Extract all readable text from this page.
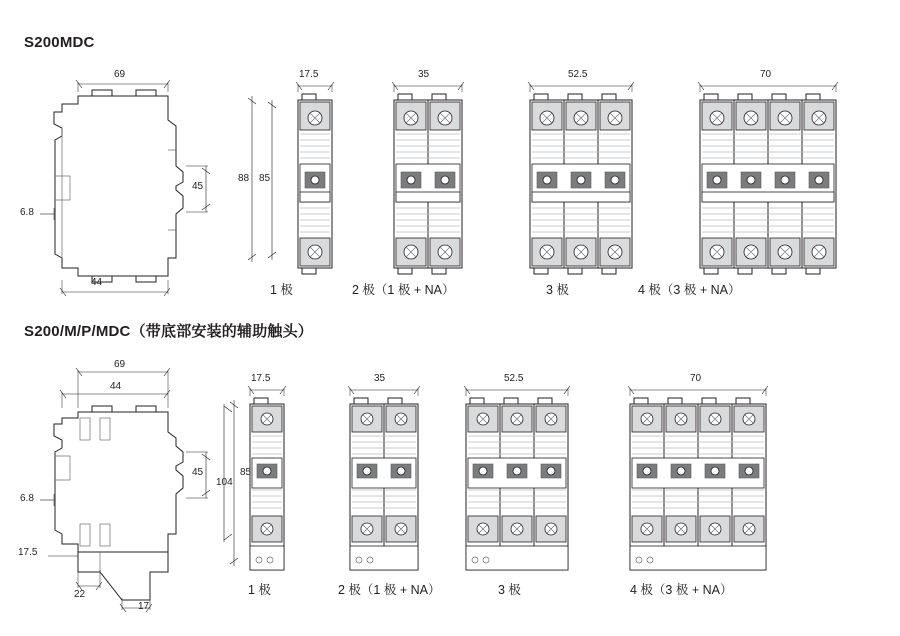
S200MDC
S200/M/P/MDC（带底部安装的辅助触头）
69
45
6.8
44
17.5	35	52.5	70
88 85
1 极	2 极（1 极 + NA）	3 极	4 极（3 极 + NA）
69
44
45
6.8
17.5
22
17
17.5	35	52.5	70
104
85
1 极	2 极（1 极 + NA）	3 极	4 极（3 极 + NA）
